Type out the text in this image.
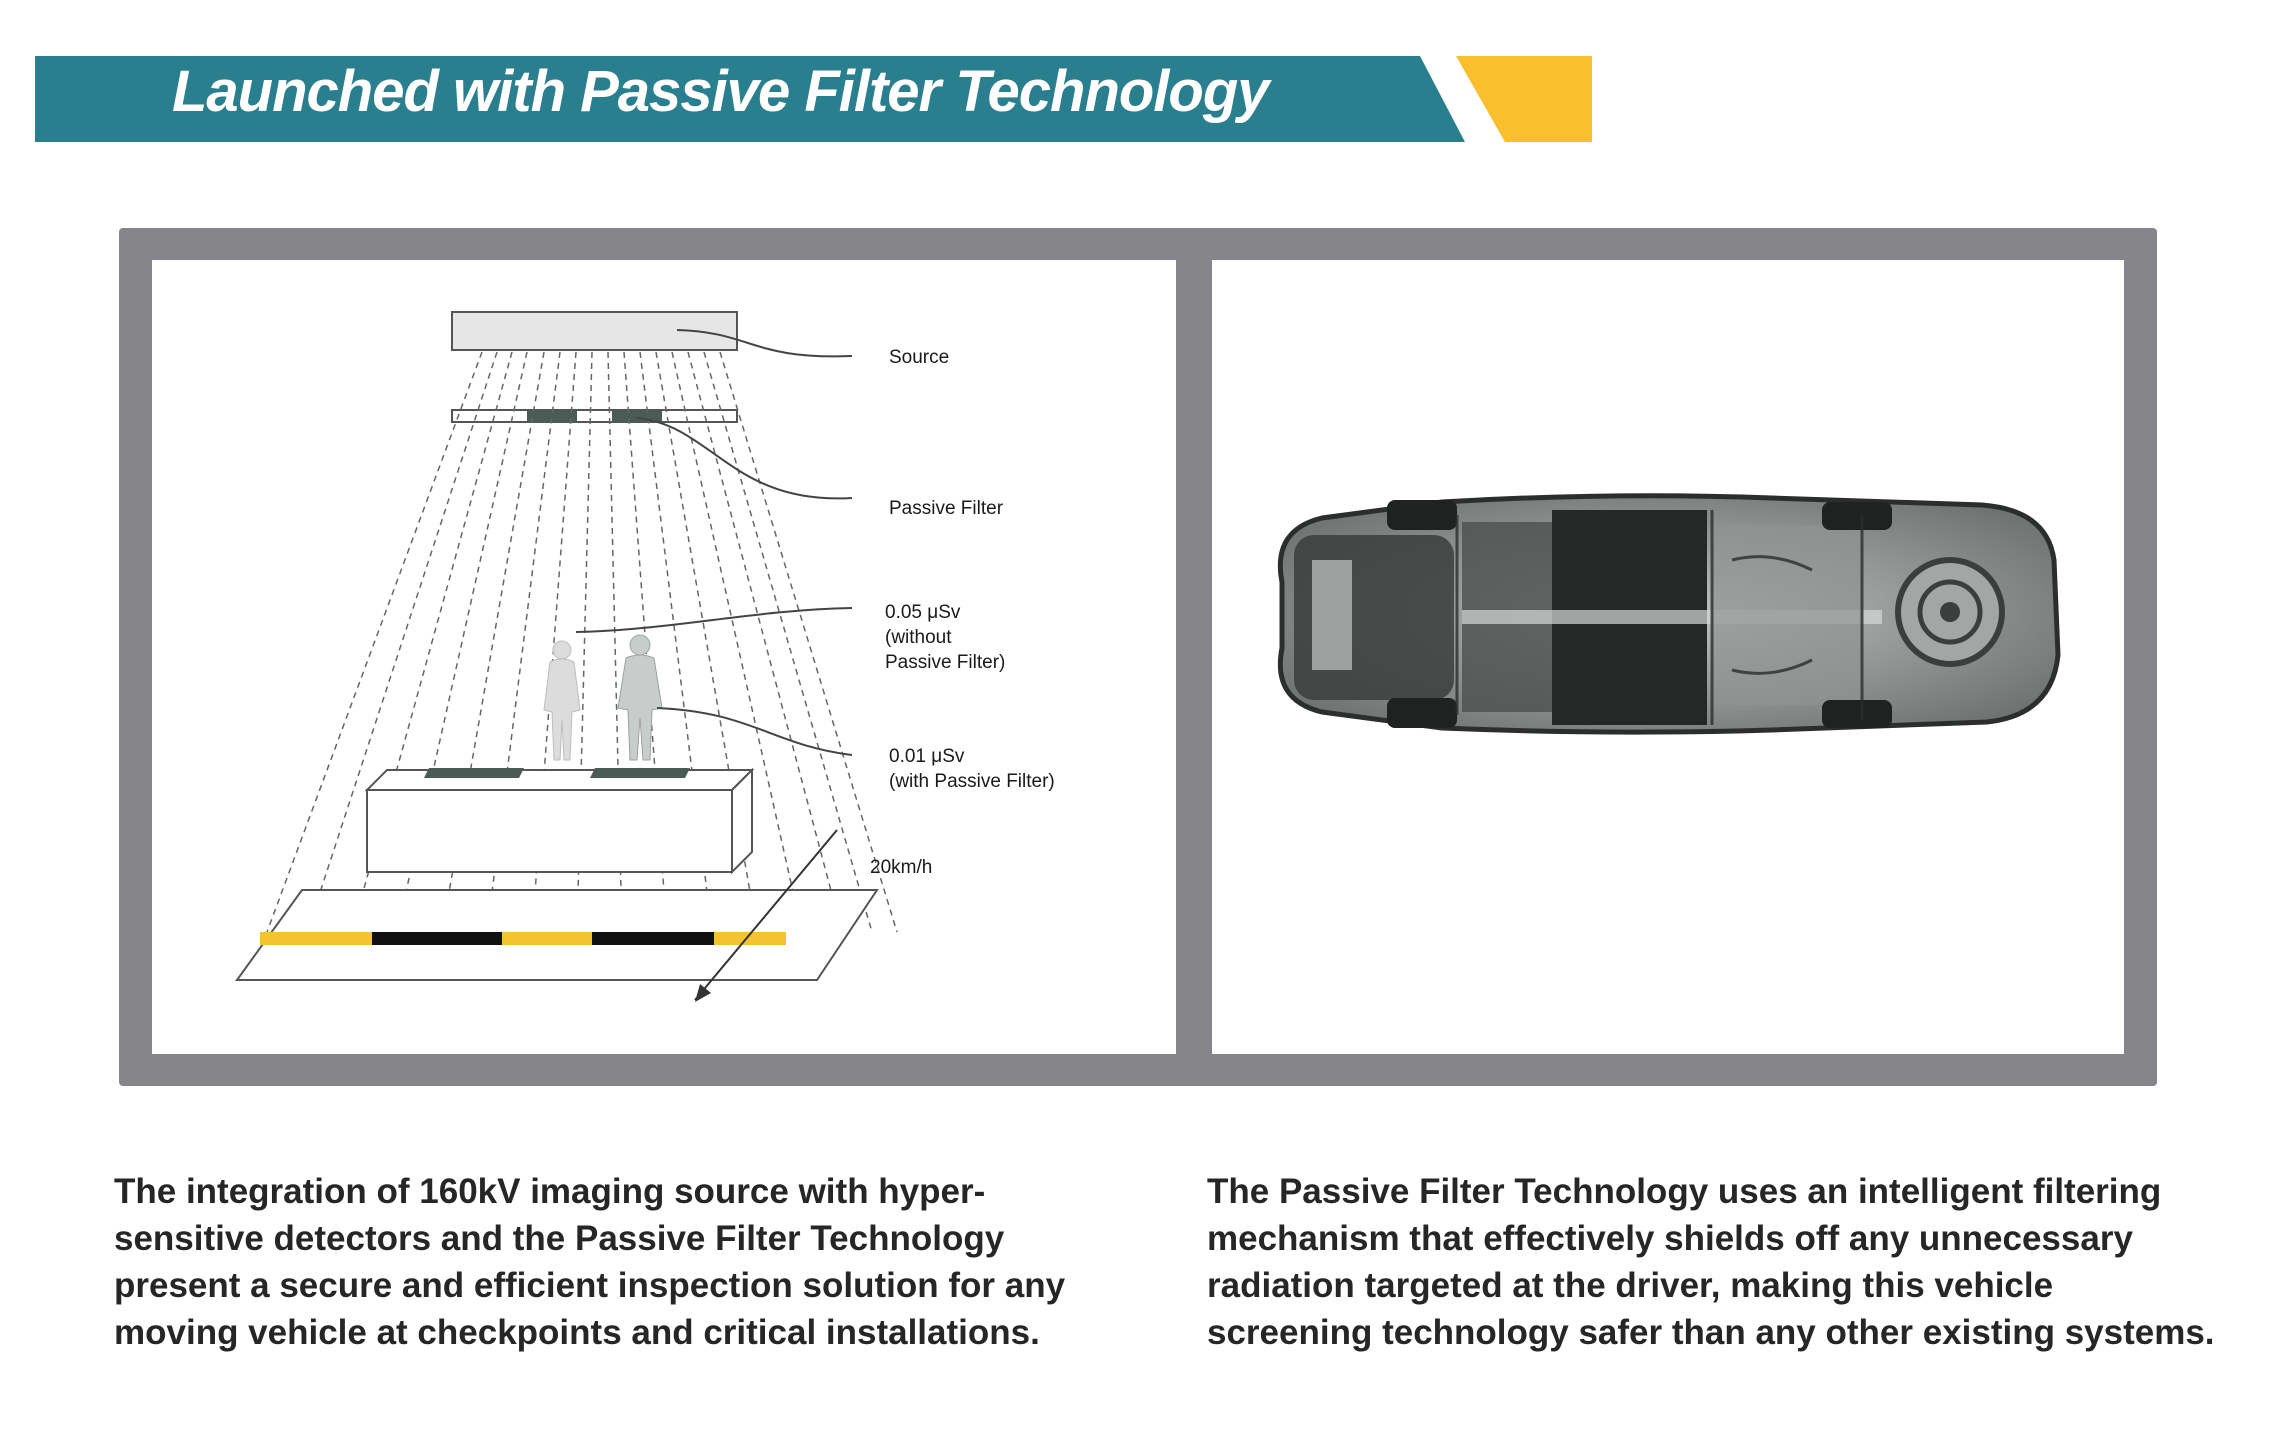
Launched with Passive Filter Technology
Source
Passive Filter
0.05 μSv
(without
Passive Filter)
0.01 μSv
(with Passive Filter)
20km/h
The integration of 160kV imaging source with hyper-sensitive detectors and the Passive Filter Technology present a secure and efficient inspection solution for any moving vehicle at checkpoints and critical installations.
The Passive Filter Technology uses an intelligent filtering mechanism that effectively shields off any unnecessary radiation targeted at the driver, making this vehicle screening technology safer than any other existing systems.
